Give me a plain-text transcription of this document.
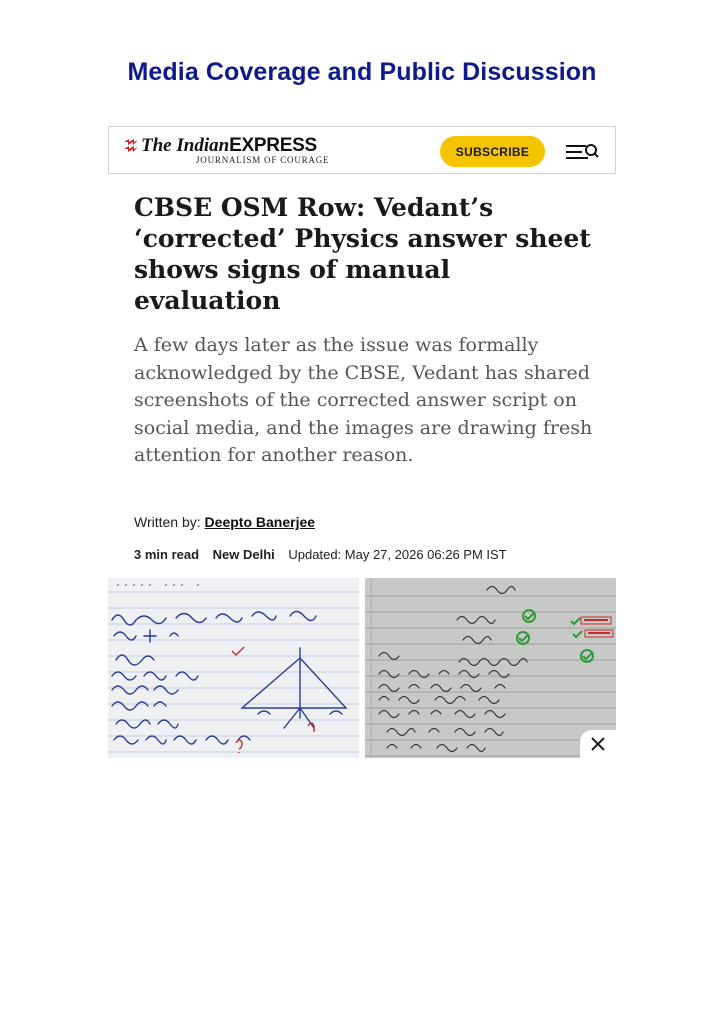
Media Coverage and Public Discussion
The IndianEXPRESS
JOURNALISM OF COURAGE
SUBSCRIBE
CBSE OSM Row: Vedant’s ‘corrected’ Physics answer sheet shows signs of manual evaluation

A few days later as the issue was formally acknowledged by the CBSE, Vedant has shared screenshots of the corrected answer script on social media, and the images are drawing fresh attention for another reason.

Written by: Deepto Banerjee
3 min read New Delhi Updated: May 27, 2026 06:26 PM IST
